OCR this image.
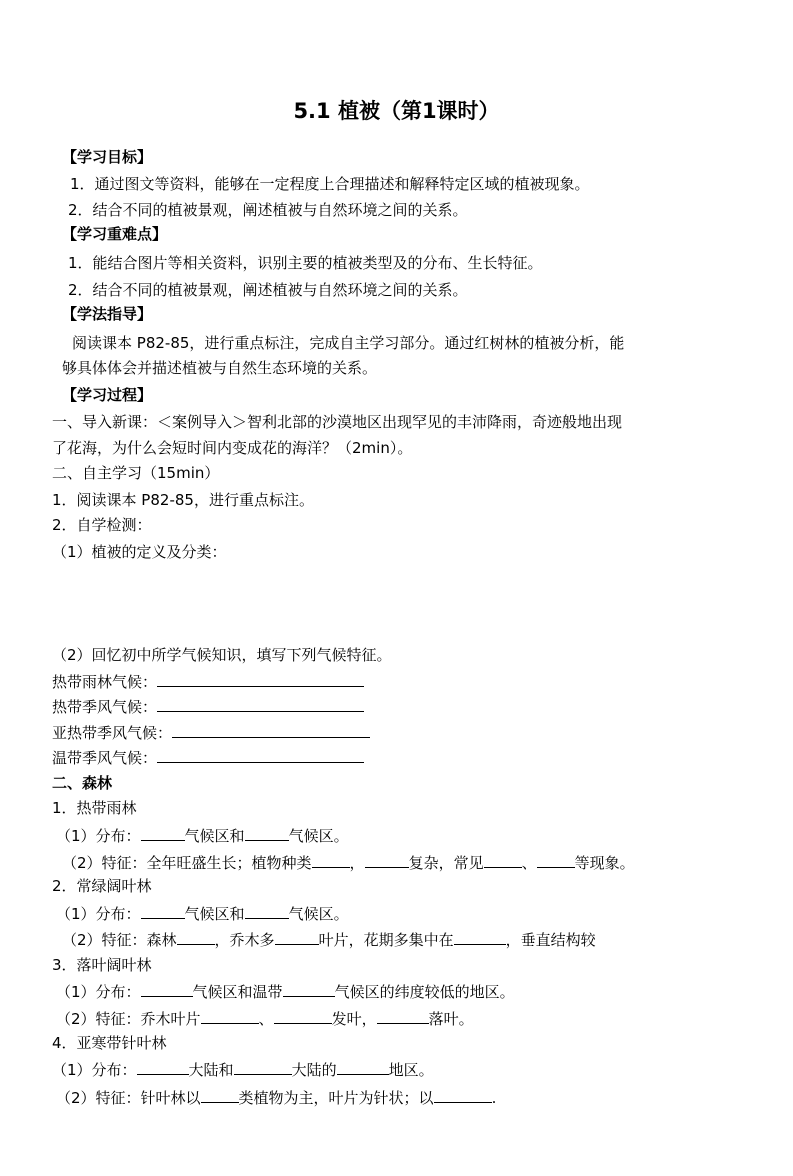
5.1 植被（第1课时）
【学习目标】
1．通过图文等资料，能够在一定程度上合理描述和解释特定区域的植被现象。
2．结合不同的植被景观，阐述植被与自然环境之间的关系。
【学习重难点】
1．能结合图片等相关资料，识别主要的植被类型及的分布、生长特征。
2．结合不同的植被景观，阐述植被与自然环境之间的关系。
【学法指导】
阅读课本 P82-85，进行重点标注，完成自主学习部分。通过红树林的植被分析，能
够具体体会并描述植被与自然生态环境的关系。
【学习过程】
一、导入新课：＜案例导入＞智利北部的沙漠地区出现罕见的丰沛降雨，奇迹般地出现
了花海，为什么会短时间内变成花的海洋？（2min）。
二、自主学习（15min）
1．阅读课本 P82-85，进行重点标注。
2．自学检测：
（1）植被的定义及分类：
（2）回忆初中所学气候知识，填写下列气候特征。
热带雨林气候：
热带季风气候：
亚热带季风气候：
温带季风气候：
二、森林
1．热带雨林
（1）分布：	气候区和	气候区。
（2）特征：全年旺盛生长；植物种类	，	复杂，常见	、	等现象。
2．常绿阔叶林
（1）分布：	气候区和	气候区。
（2）特征：森林	，乔木多	叶片，花期多集中在	，垂直结构较
3．落叶阔叶林
（1）分布：	气候区和温带	气候区的纬度较低的地区。
（2）特征：乔木叶片	、	发叶，	落叶。
4．亚寒带针叶林
（1）分布：	大陆和	大陆的	地区。
（2）特征：针叶林以	类植物为主，叶片为针状；以	.
